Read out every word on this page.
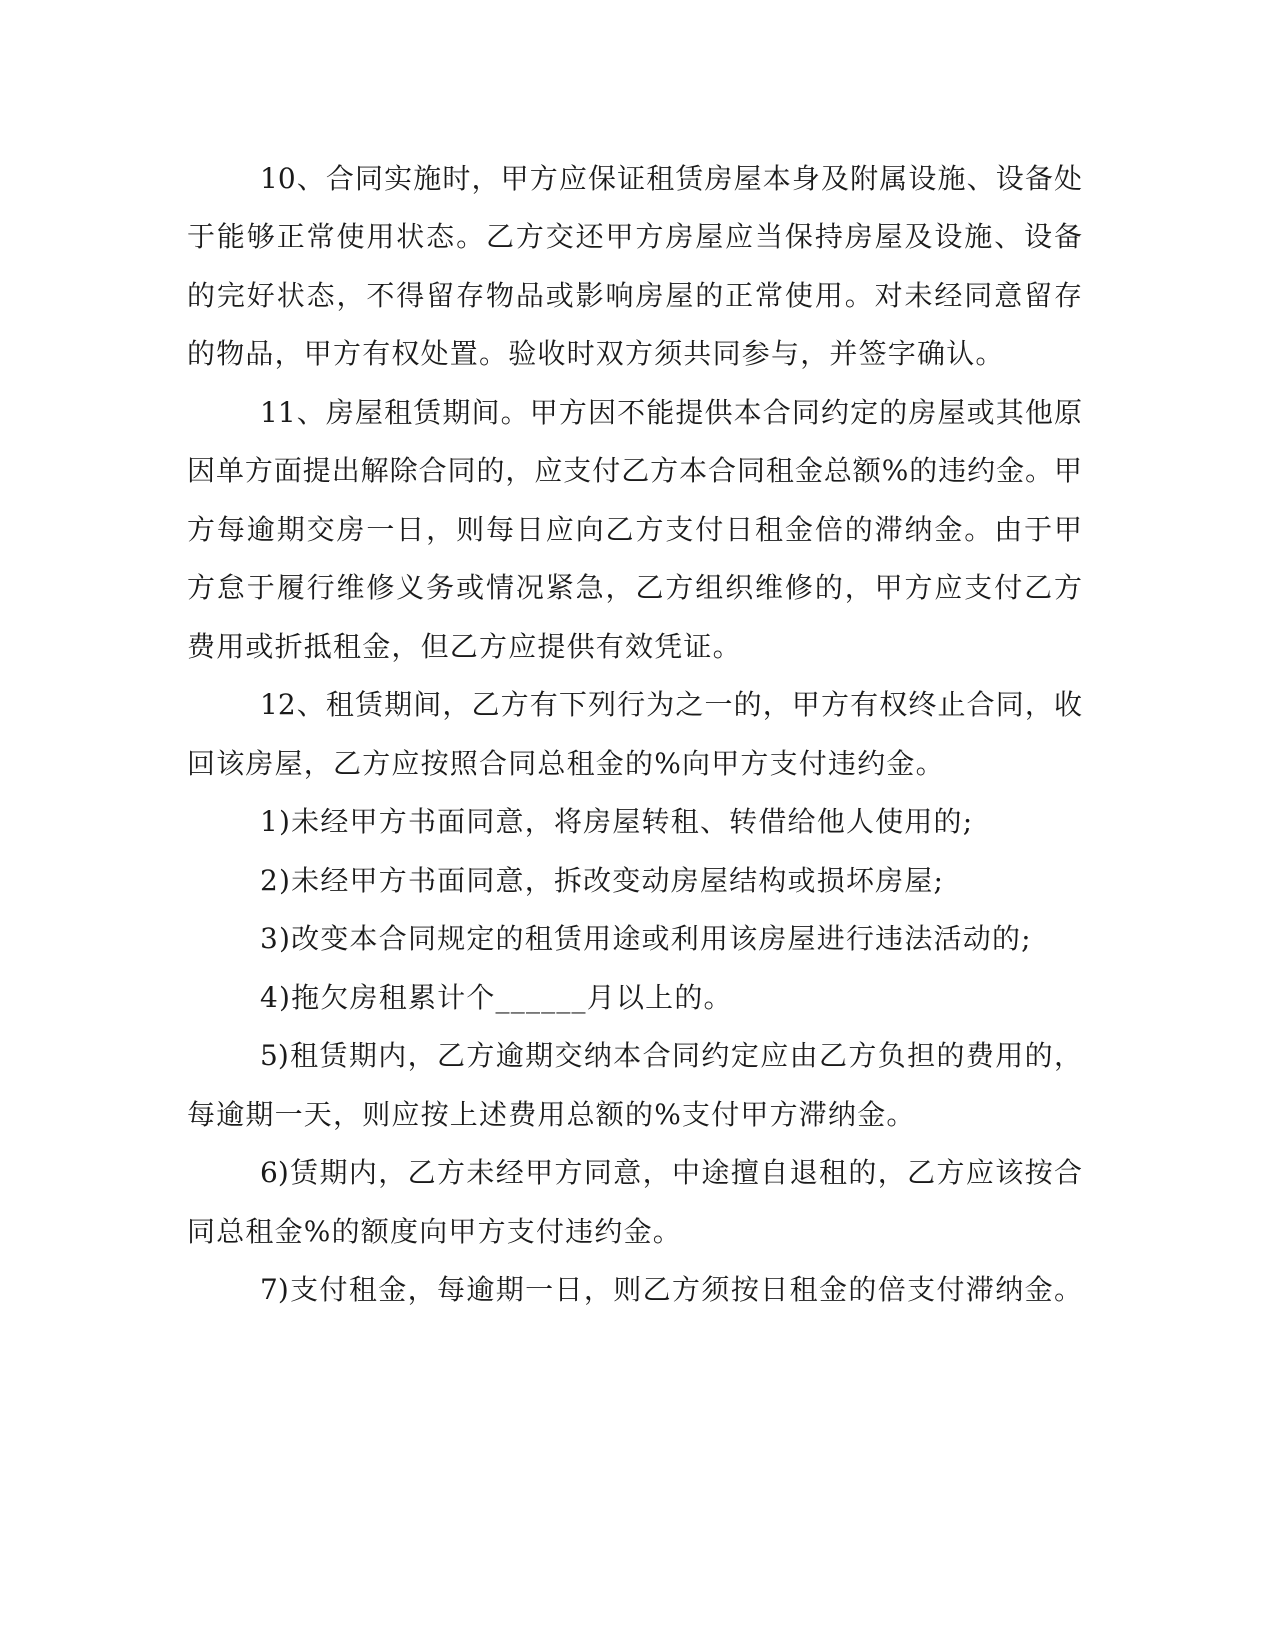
10、合同实施时，甲方应保证租赁房屋本身及附属设施、设备处
于能够正常使用状态。乙方交还甲方房屋应当保持房屋及设施、设备
的完好状态，不得留存物品或影响房屋的正常使用。对未经同意留存
的物品，甲方有权处置。验收时双方须共同参与，并签字确认。
11、房屋租赁期间。甲方因不能提供本合同约定的房屋或其他原
因单方面提出解除合同的，应支付乙方本合同租金总额%的违约金。甲
方每逾期交房一日，则每日应向乙方支付日租金倍的滞纳金。由于甲
方怠于履行维修义务或情况紧急，乙方组织维修的，甲方应支付乙方
费用或折抵租金，但乙方应提供有效凭证。
12、租赁期间，乙方有下列行为之一的，甲方有权终止合同，收
回该房屋，乙方应按照合同总租金的%向甲方支付违约金。
1)未经甲方书面同意，将房屋转租、转借给他人使用的;
2)未经甲方书面同意，拆改变动房屋结构或损坏房屋;
3)改变本合同规定的租赁用途或利用该房屋进行违法活动的;
4)拖欠房租累计个______月以上的。
5)租赁期内，乙方逾期交纳本合同约定应由乙方负担的费用的，
每逾期一天，则应按上述费用总额的%支付甲方滞纳金。
6)赁期内，乙方未经甲方同意，中途擅自退租的，乙方应该按合
同总租金%的额度向甲方支付违约金。
7)支付租金，每逾期一日，则乙方须按日租金的倍支付滞纳金。
